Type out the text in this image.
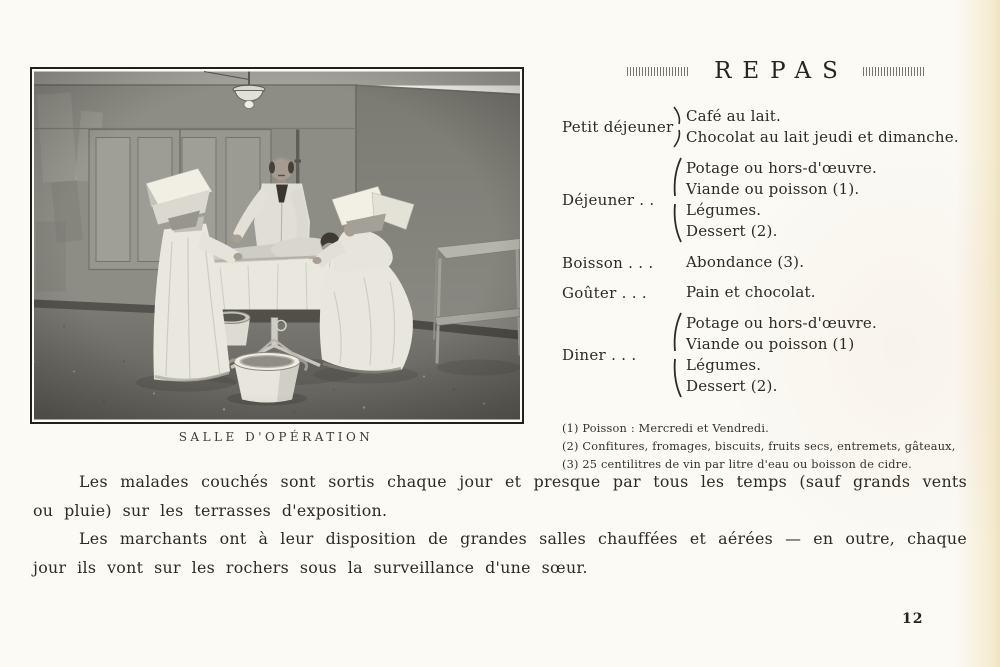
SALLE D'OPÉRATION
REPAS
Petit déjeuner
Café au lait.
Chocolat au lait jeudi et dimanche.
Déjeuner . .
Potage ou hors-d'œuvre.
Viande ou poisson (1).
Légumes.
Dessert (2).
Boisson . . .	Abondance (3).
Goûter . . .	Pain et chocolat.
Diner . . .
Potage ou hors-d'œuvre.
Viande ou poisson (1)
Légumes.
Dessert (2).
(1) Poisson : Mercredi et Vendredi.
(2) Confitures, fromages, biscuits, fruits secs, entremets, gâteaux,
(3) 25 centilitres de vin par litre d'eau ou boisson de cidre.

Les malades couchés sont sortis chaque jour et presque par tous les temps (sauf grands vents ou pluie) sur les terrasses d'exposition.

Les marchants ont à leur disposition de grandes salles chauffées et aérées — en outre, chaque jour ils vont sur les rochers sous la surveillance d'une sœur.

12
